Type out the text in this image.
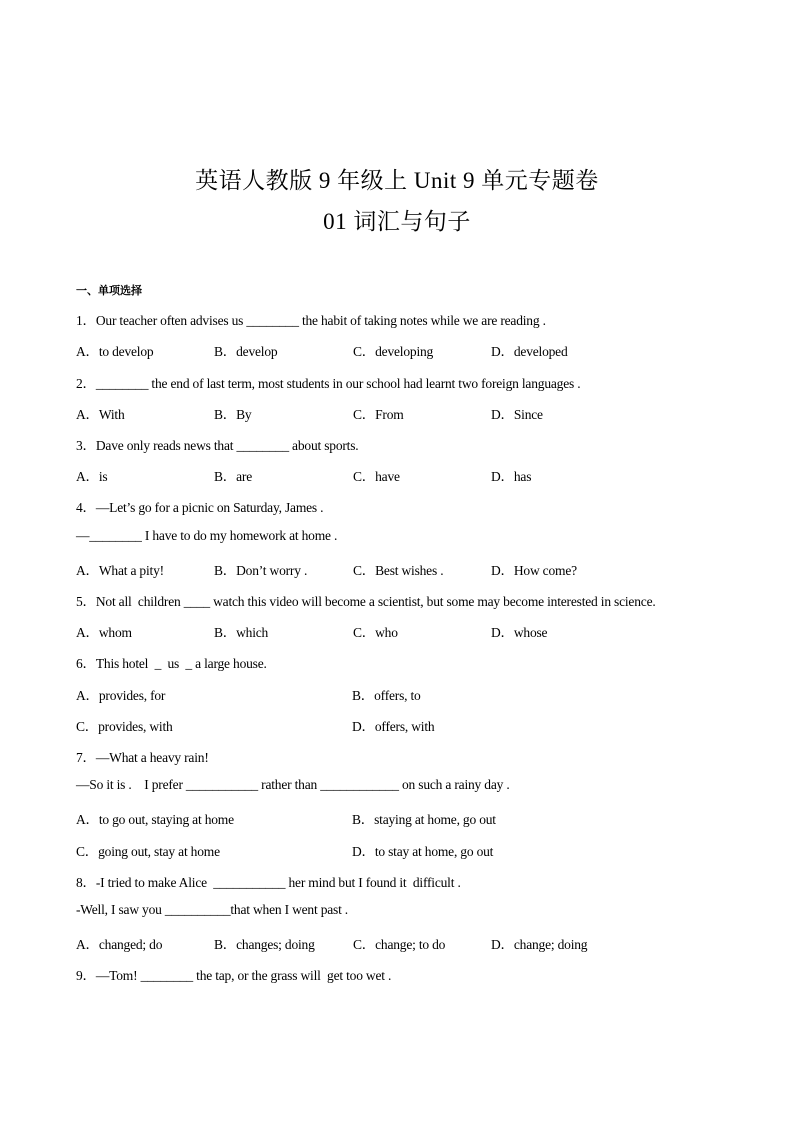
英语人教版 9 年级上 Unit 9 单元专题卷
01 词汇与句子
一、单项选择
1．Our teacher often advises us ________ the habit of taking notes while we are reading .
A．to develop	B．develop	C．developing	D．developed
2．________ the end of last term, most students in our school had learnt two foreign languages .
A．With	B．By	C．From	D．Since
3．Dave only reads news that ________ about sports.
A．is	B．are	C．have	D．has
4．—Let’s go for a picnic on Saturday, James .
—________ I have to do my homework at home .
A．What a pity!	B．Don’t worry .	C．Best wishes .	D．How come?
5．Not all  children ____ watch this video will become a scientist, but some may become interested in science.
A．whom	B．which	C．who	D．whose
6．This hotel  _  us  _ a large house.
A．provides, for	B．offers, to
C．provides, with	D．offers, with
7．—What a heavy rain!
—So it is .    I prefer ___________ rather than ____________ on such a rainy day .
A．to go out, staying at home	B．staying at home, go out
C．going out, stay at home	D．to stay at home, go out
8．-I tried to make Alice  ___________ her mind but I found it  difficult .
-Well, I saw you __________that when I went past .
A．changed; do	B．changes; doing	C．change; to do	D．change; doing
9．—Tom! ________ the tap, or the grass will  get too wet .
